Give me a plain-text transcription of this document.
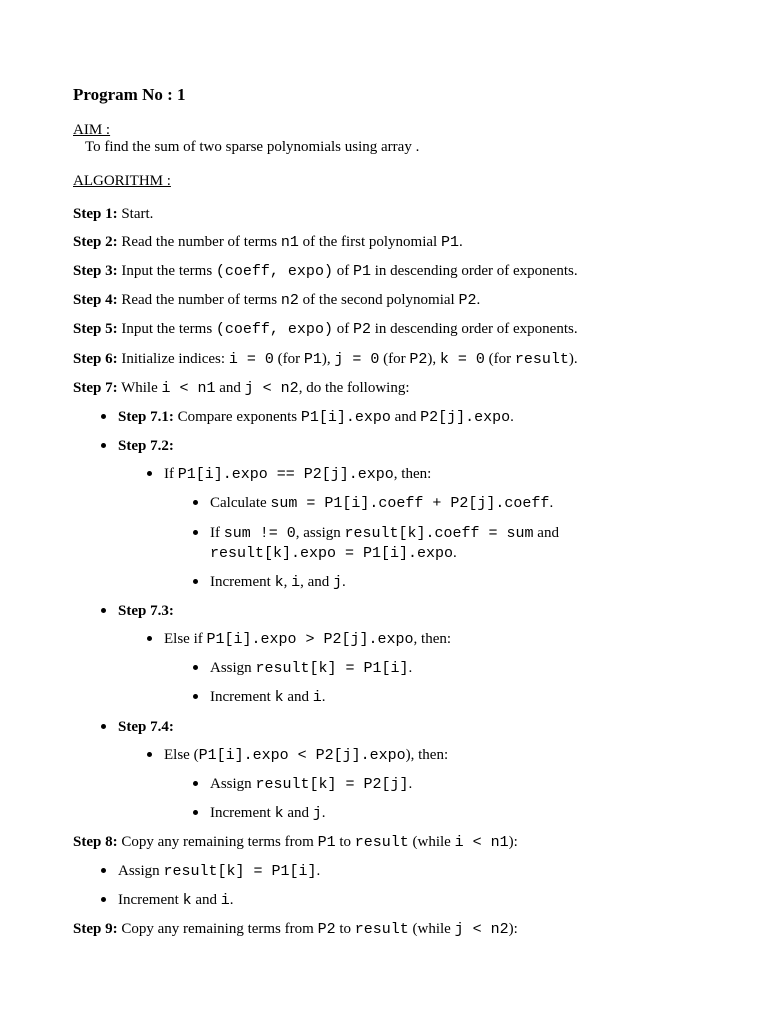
Program No : 1
AIM :
To find the sum of two sparse polynomials using array .
ALGORITHM :
Step 1: Start.
Step 2: Read the number of terms n1 of the first polynomial P1.
Step 3: Input the terms (coeff, expo) of P1 in descending order of exponents.
Step 4: Read the number of terms n2 of the second polynomial P2.
Step 5: Input the terms (coeff, expo) of P2 in descending order of exponents.
Step 6: Initialize indices: i = 0 (for P1), j = 0 (for P2), k = 0 (for result).
Step 7: While i < n1 and j < n2, do the following:
Step 7.1: Compare exponents P1[i].expo and P2[j].expo.
Step 7.2:
If P1[i].expo == P2[j].expo, then:
Calculate sum = P1[i].coeff + P2[j].coeff.
If sum != 0, assign result[k].coeff = sum and
result[k].expo = P1[i].expo.
Increment k, i, and j.
Step 7.3:
Else if P1[i].expo > P2[j].expo, then:
Assign result[k] = P1[i].
Increment k and i.
Step 7.4:
Else (P1[i].expo < P2[j].expo), then:
Assign result[k] = P2[j].
Increment k and j.
Step 8: Copy any remaining terms from P1 to result (while i < n1):
Assign result[k] = P1[i].
Increment k and i.
Step 9: Copy any remaining terms from P2 to result (while j < n2):
